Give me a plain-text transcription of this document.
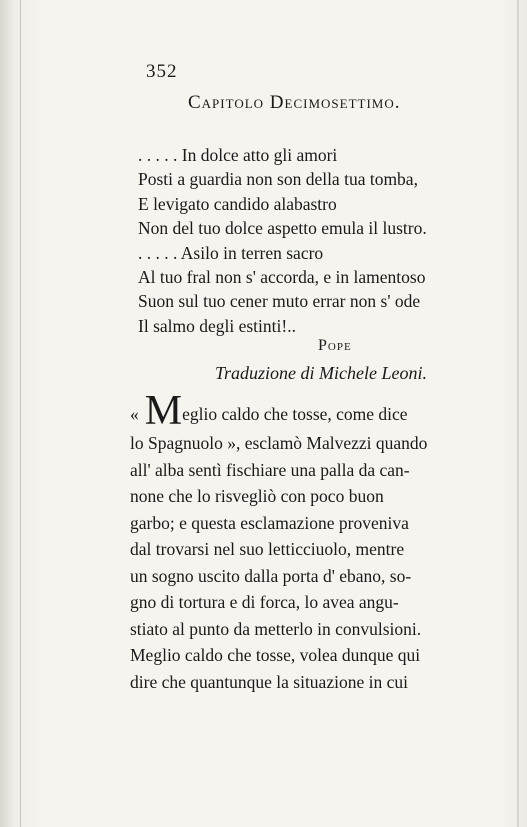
352
Capitolo Decimosettimo.
. . . . . In dolce atto gli amori
Posti a guardia non son della tua tomba,
E levigato candido alabastro
Non del tuo dolce aspetto emula il lustro.
. . . . . Asilo in terren sacro
Al tuo fral non s' accorda, e in lamentoso
Suon sul tuo cener muto errar non s' ode
Il salmo degli estinti!..
Pope
Traduzione di Michele Leoni.
« Meglio caldo che tosse, come dice
lo Spagnuolo », esclamò Malvezzi quando
all' alba sentì fischiare una palla da can-
none che lo risvegliò con poco buon
garbo; e questa esclamazione proveniva
dal trovarsi nel suo letticciuolo, mentre
un sogno uscito dalla porta d' ebano, so-
gno di tortura e di forca, lo avea angu-
stiato al punto da metterlo in convulsioni.
Meglio caldo che tosse, volea dunque qui
dire che quantunque la situazione in cui
